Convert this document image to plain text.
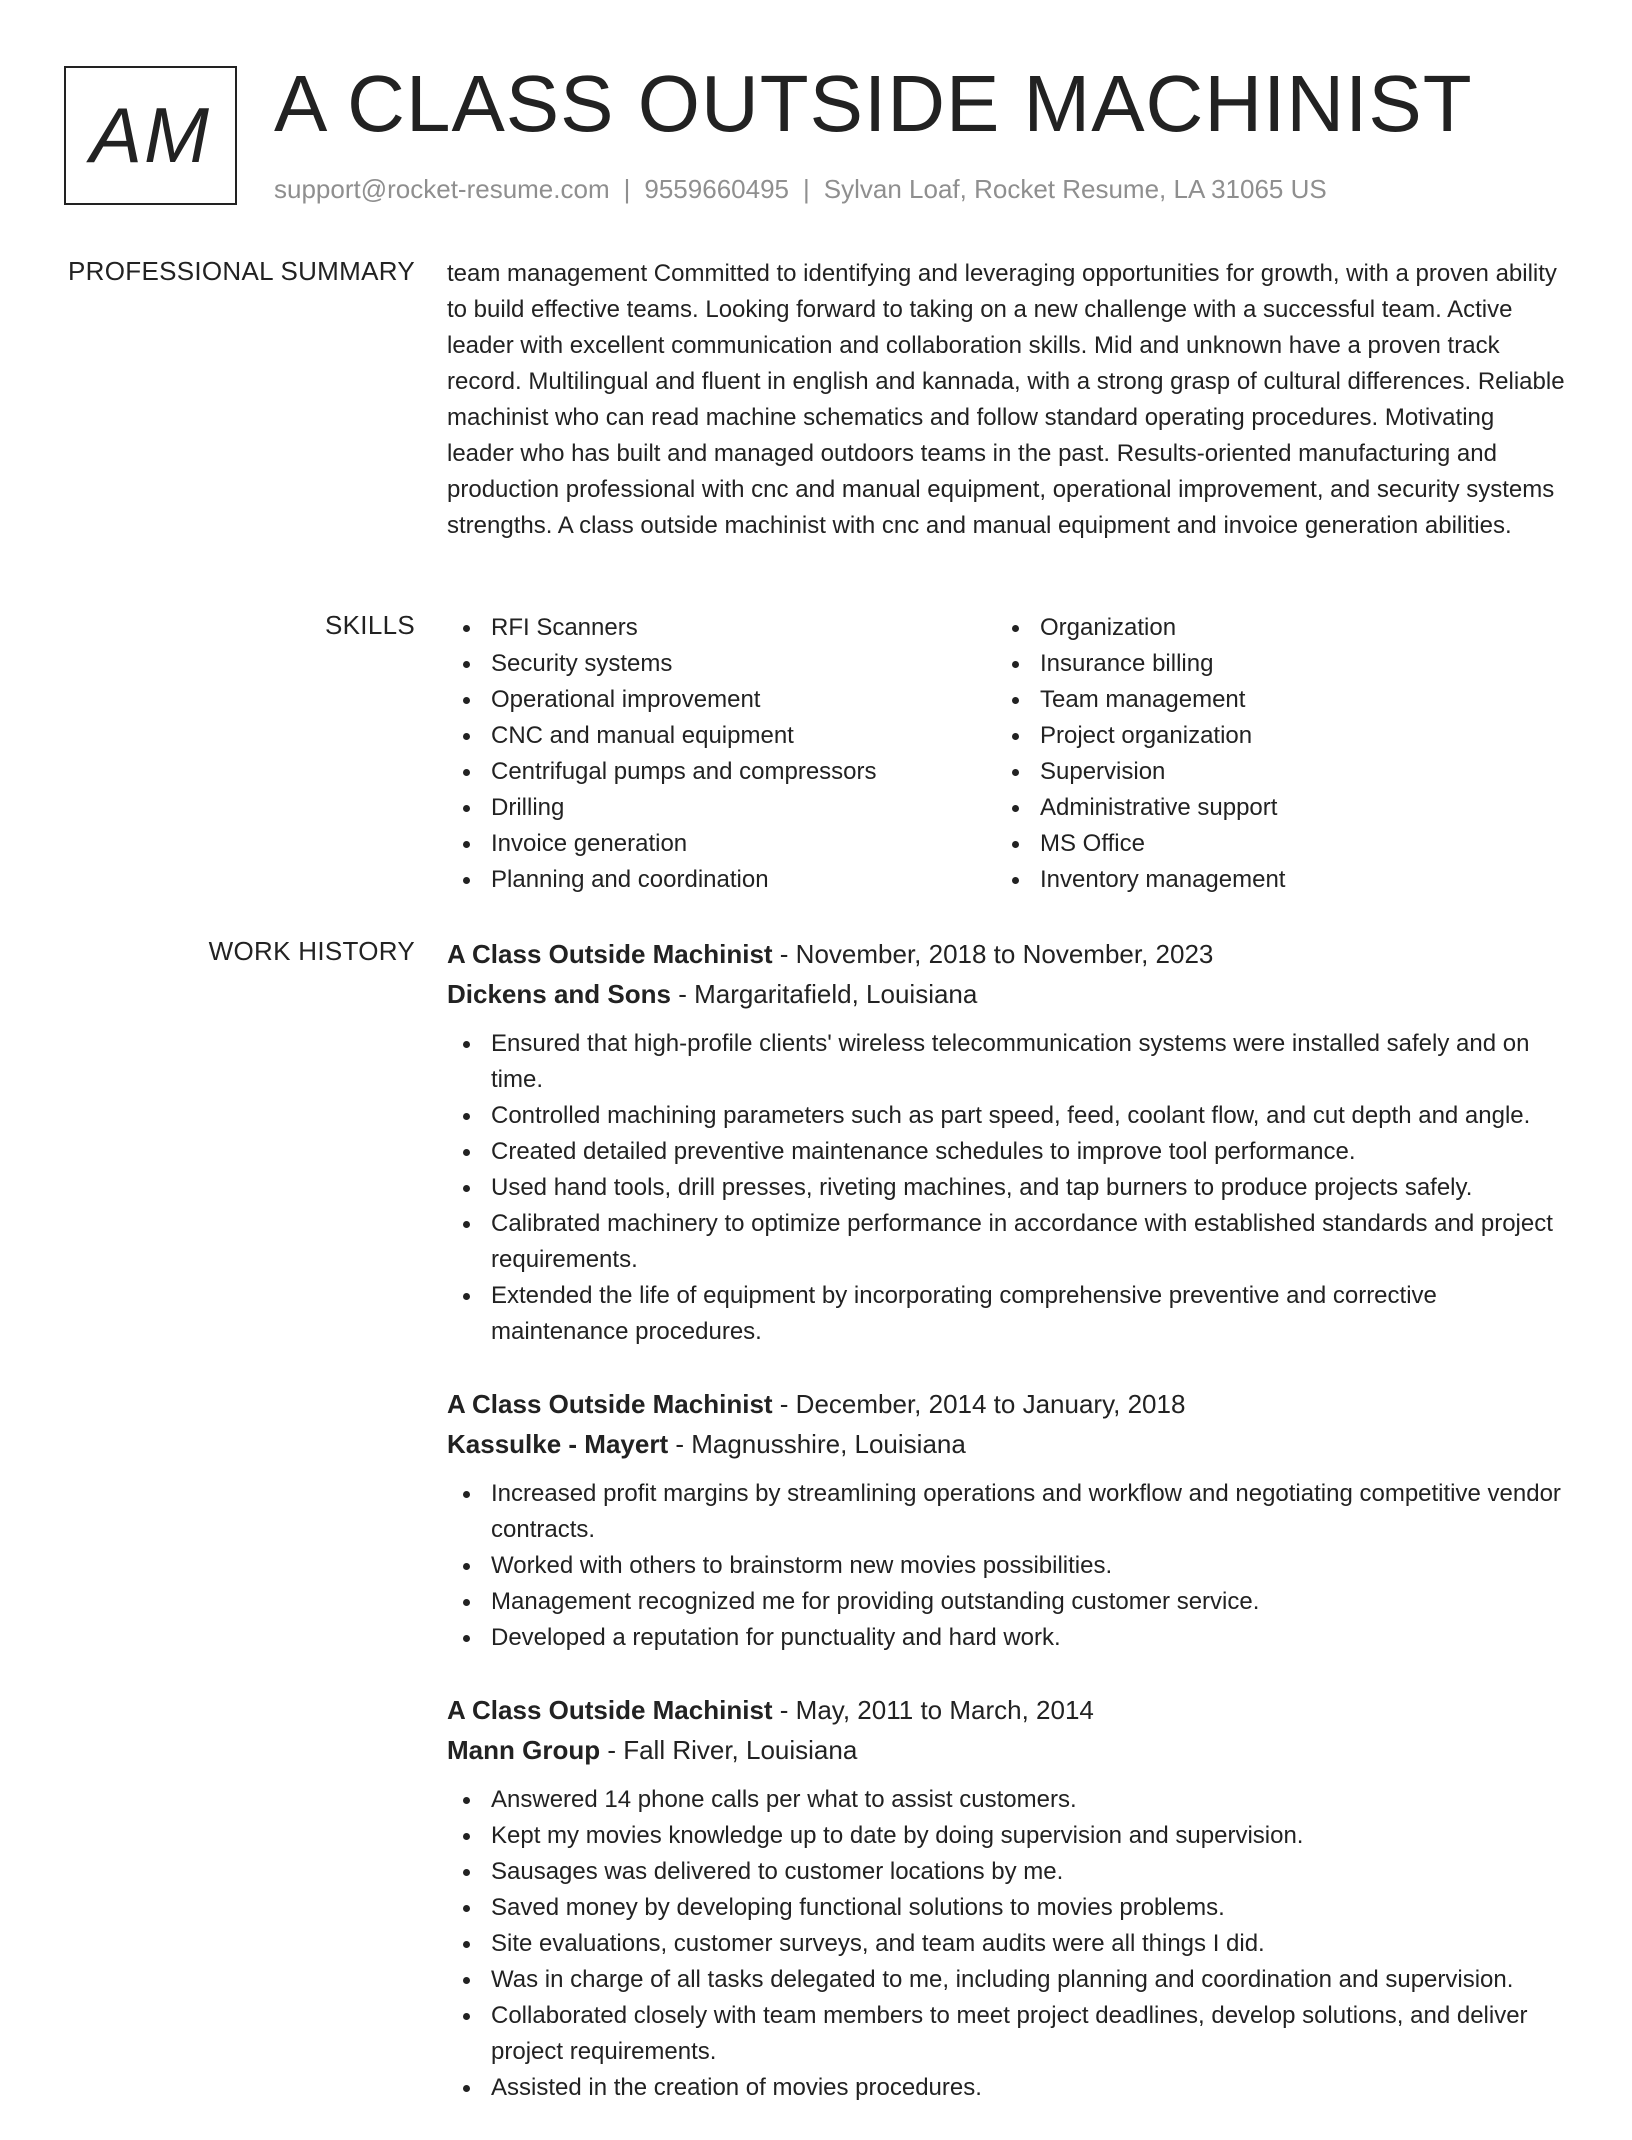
AM A CLASS OUTSIDE MACHINIST
support@rocket-resume.com | 9559660495 | Sylvan Loaf, Rocket Resume, LA 31065 US
PROFESSIONAL SUMMARY team management Committed to identifying and leveraging opportunities for growth, with a proven ability to build effective teams. Looking forward to taking on a new challenge with a successful team. Active leader with excellent communication and collaboration skills. Mid and unknown have a proven track record. Multilingual and fluent in english and kannada, with a strong grasp of cultural differences. Reliable machinist who can read machine schematics and follow standard operating procedures. Motivating leader who has built and managed outdoors teams in the past. Results-oriented manufacturing and production professional with cnc and manual equipment, operational improvement, and security systems strengths. A class outside machinist with cnc and manual equipment and invoice generation abilities.

SKILLS	RFI Scanners
Security systems
Operational improvement
CNC and manual equipment
Centrifugal pumps and compressors
Drilling
Invoice generation
Planning and coordination
Organization
Insurance billing
Team management
Project organization
Supervision
Administrative support
MS Office
Inventory management
WORK HISTORY A Class Outside Machinist - November, 2018 to November, 2023
Dickens and Sons - Margaritafield, Louisiana
Ensured that high-profile clients' wireless telecommunication systems were installed safely and on time.
Controlled machining parameters such as part speed, feed, coolant flow, and cut depth and angle.
Created detailed preventive maintenance schedules to improve tool performance.
Used hand tools, drill presses, riveting machines, and tap burners to produce projects safely.
Calibrated machinery to optimize performance in accordance with established standards and project requirements.
Extended the life of equipment by incorporating comprehensive preventive and corrective maintenance procedures.
A Class Outside Machinist - December, 2014 to January, 2018
Kassulke - Mayert - Magnusshire, Louisiana
Increased profit margins by streamlining operations and workflow and negotiating competitive vendor contracts.
Worked with others to brainstorm new movies possibilities.
Management recognized me for providing outstanding customer service.
Developed a reputation for punctuality and hard work.
A Class Outside Machinist - May, 2011 to March, 2014
Mann Group - Fall River, Louisiana
Answered 14 phone calls per what to assist customers.
Kept my movies knowledge up to date by doing supervision and supervision.
Sausages was delivered to customer locations by me.
Saved money by developing functional solutions to movies problems.
Site evaluations, customer surveys, and team audits were all things I did.
Was in charge of all tasks delegated to me, including planning and coordination and supervision.
Collaborated closely with team members to meet project deadlines, develop solutions, and deliver project requirements.
Assisted in the creation of movies procedures.
